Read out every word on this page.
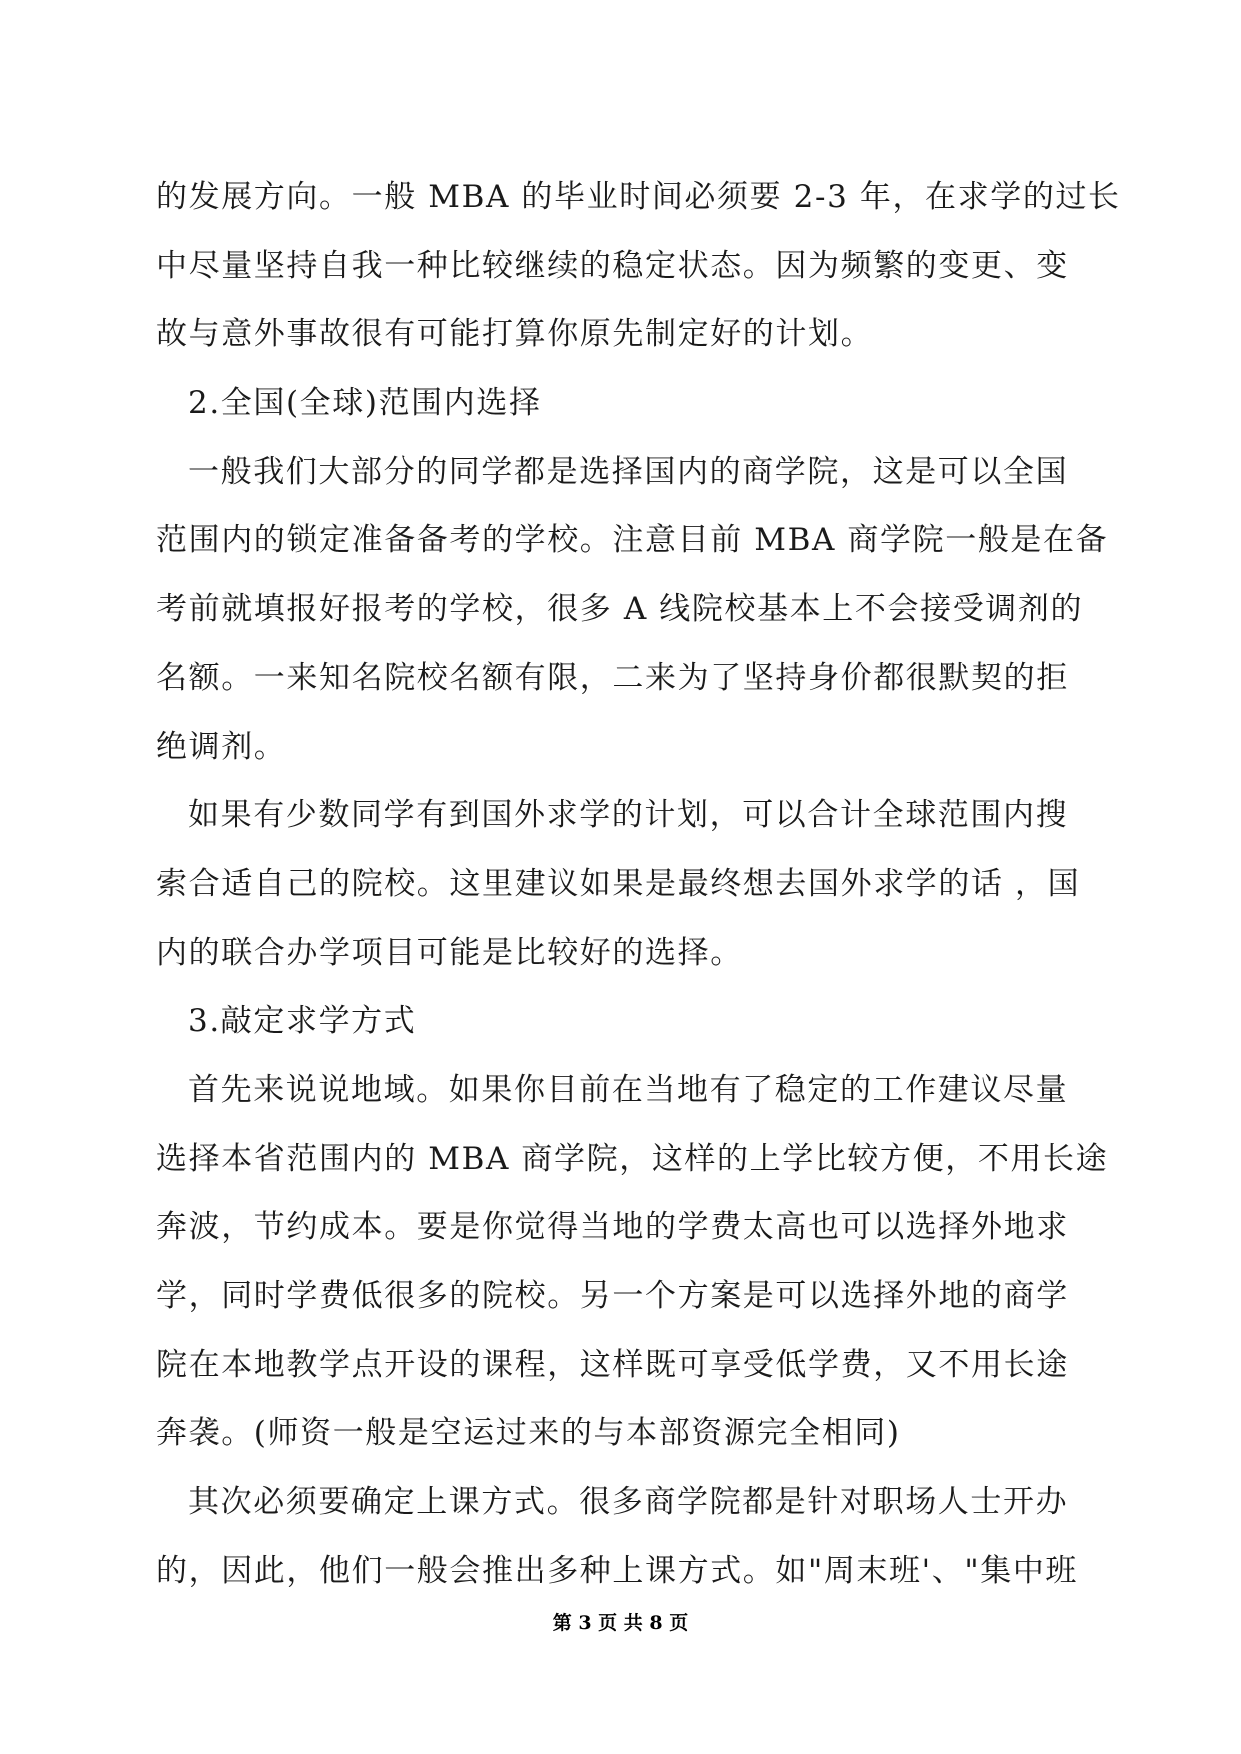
的发展方向。一般 MBA 的毕业时间必须要 2-3 年，在求学的过长
中尽量坚持自我一种比较继续的稳定状态。因为频繁的变更、变
故与意外事故很有可能打算你原先制定好的计划。
2.全国(全球)范围内选择
一般我们大部分的同学都是选择国内的商学院，这是可以全国
范围内的锁定准备备考的学校。注意目前 MBA 商学院一般是在备
考前就填报好报考的学校，很多 A 线院校基本上不会接受调剂的
名额。一来知名院校名额有限，二来为了坚持身价都很默契的拒
绝调剂。
如果有少数同学有到国外求学的计划，可以合计全球范围内搜
索合适自己的院校。这里建议如果是最终想去国外求学的话 ，国
内的联合办学项目可能是比较好的选择。
3.敲定求学方式
首先来说说地域。如果你目前在当地有了稳定的工作建议尽量
选择本省范围内的 MBA 商学院，这样的上学比较方便，不用长途
奔波，节约成本。要是你觉得当地的学费太高也可以选择外地求
学，同时学费低很多的院校。另一个方案是可以选择外地的商学
院在本地教学点开设的课程，这样既可享受低学费，又不用长途
奔袭。(师资一般是空运过来的与本部资源完全相同)
其次必须要确定上课方式。很多商学院都是针对职场人士开办
的，因此，他们一般会推出多种上课方式。如"周末班'、"集中班
第 3 页 共 8 页
